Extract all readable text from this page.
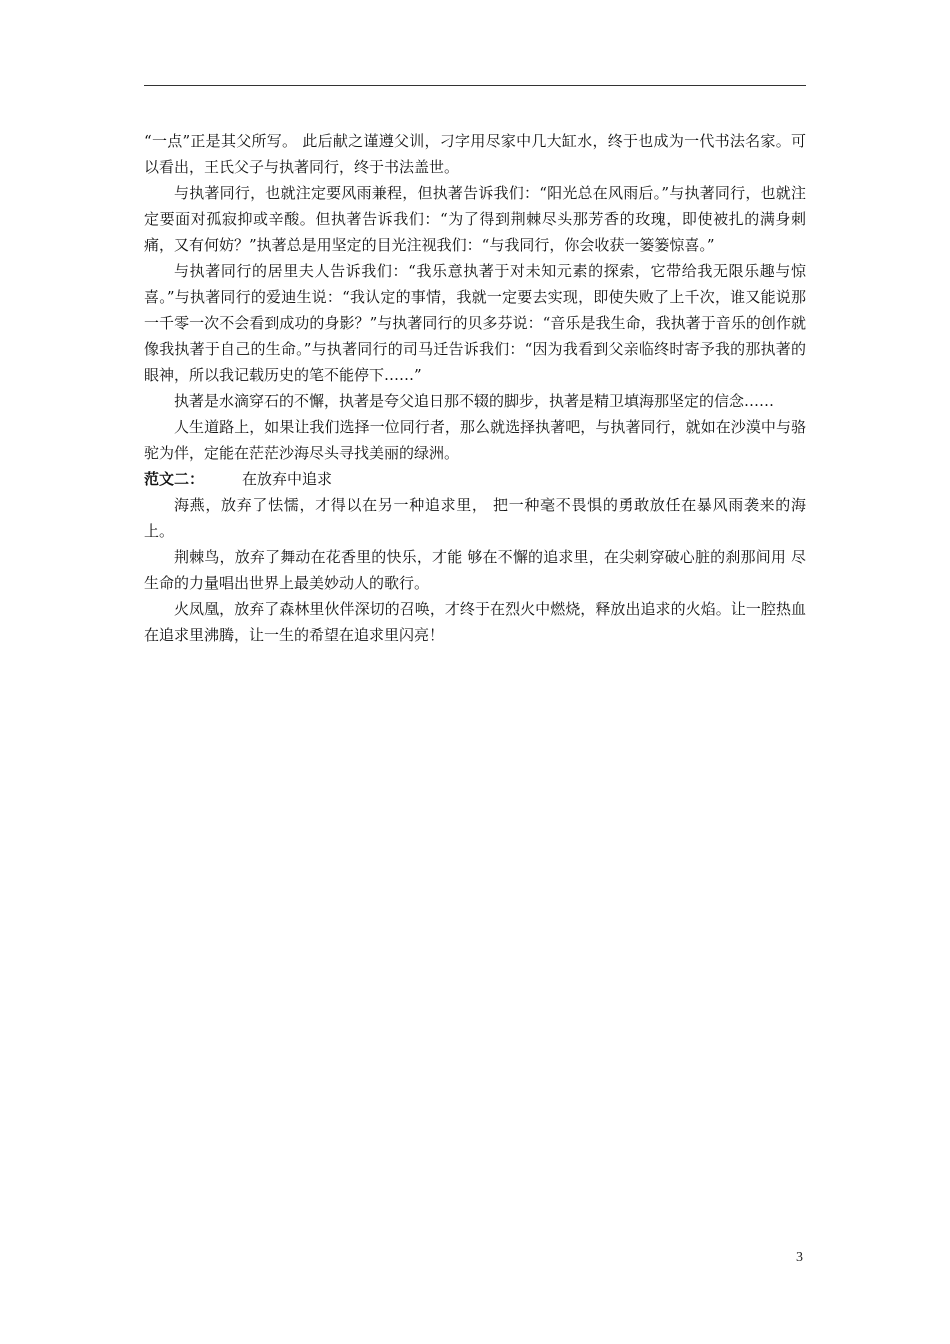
“一点”正是其父所写。 此后献之谨遵父训，刁字用尽家中几大缸水，终于也成为一代书法名家。可以看出，王氏父子与执著同行，终于书法盖世。

与执著同行，也就注定要风雨兼程，但执著告诉我们：“阳光总在风雨后。”与执著同行，也就注定要面对孤寂抑或辛酸。但执著告诉我们：“为了得到荆棘尽头那芳香的玫瑰，即使被扎的满身刺痛，又有何妨？”执著总是用坚定的目光注视我们：“与我同行，你会收获一篓篓惊喜。”

与执著同行的居里夫人告诉我们：“我乐意执著于对未知元素的探索，它带给我无限乐趣与惊喜。”与执著同行的爱迪生说：“我认定的事情，我就一定要去实现，即使失败了上千次，谁又能说那一千零一次不会看到成功的身影？”与执著同行的贝多芬说：“音乐是我生命，我执著于音乐的创作就像我执著于自己的生命。”与执著同行的司马迁告诉我们：“因为我看到父亲临终时寄予我的那执著的眼神，所以我记载历史的笔不能停下……”

执著是水滴穿石的不懈，执著是夸父追日那不辍的脚步，执著是精卫填海那坚定的信念……

人生道路上，如果让我们选择一位同行者，那么就选择执著吧，与执著同行，就如在沙漠中与骆驼为伴，定能在茫茫沙海尽头寻找美丽的绿洲。

范文二：	在放弃中追求

海燕，放弃了怯懦，才得以在另一种追求里， 把一种毫不畏惧的勇敢放任在暴风雨袭来的海上。

荆棘鸟，放弃了舞动在花香里的快乐，才能 够在不懈的追求里，在尖刺穿破心脏的刹那间用 尽生命的力量唱出世界上最美妙动人的歌行。

火凤凰，放弃了森林里伙伴深切的召唤，才终于在烈火中燃烧，释放出追求的火焰。让一腔热血在追求里沸腾，让一生的希望在追求里闪亮！

3
